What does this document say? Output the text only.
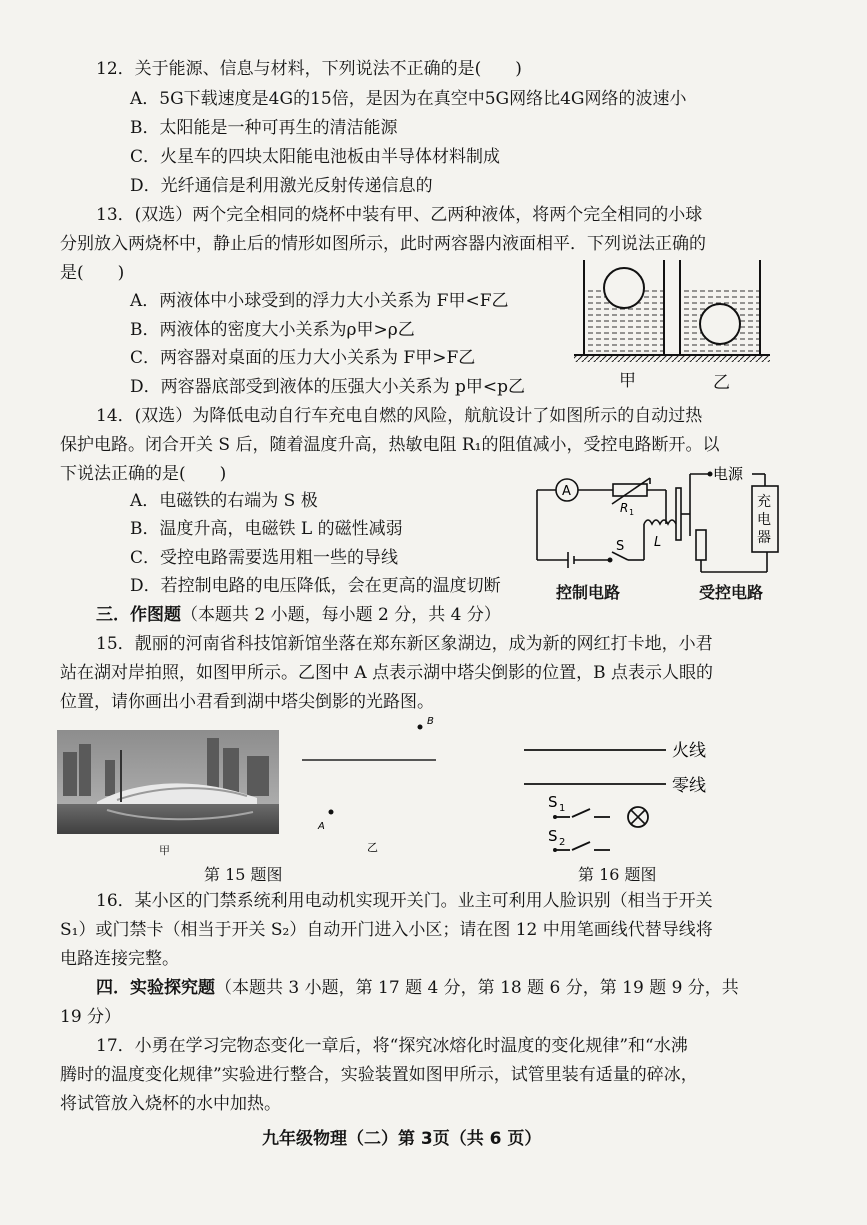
12．关于能源、信息与材料，下列说法不正确的是(　　)
A．5G下载速度是4G的15倍，是因为在真空中5G网络比4G网络的波速小
B．太阳能是一种可再生的清洁能源
C．火星车的四块太阳能电池板由半导体材料制成
D．光纤通信是利用激光反射传递信息的
13．(双选）两个完全相同的烧杯中装有甲、乙两种液体，将两个完全相同的小球
分别放入两烧杯中，静止后的情形如图所示，此时两容器内液面相平．下列说法正确的
是(　　)
A．两液体中小球受到的浮力大小关系为 F甲<F乙
B．两液体的密度大小关系为ρ甲>ρ乙
C．两容器对桌面的压力大小关系为 F甲>F乙
D．两容器底部受到液体的压强大小关系为 p甲<p乙	甲	乙
14．(双选）为降低电动自行车充电自燃的风险，航航设计了如图所示的自动过热
保护电路。闭合开关 S 后，随着温度升高，热敏电阻 R₁的阻值减小，受控电路断开。以
下说法正确的是(　　)
A．电磁铁的右端为 S 极
B．温度升高，电磁铁 L 的磁性减弱
C．受控电路需要选用粗一些的导线
D．若控制电路的电压降低，会在更高的温度切断
A
R 1
L
S
电源
充
电
器
控制电路	受控电路
三．作图题（本题共 2 小题，每小题 2 分，共 4 分）
15．靓丽的河南省科技馆新馆坐落在郑东新区象湖边，成为新的网红打卡地，小君
站在湖对岸拍照，如图甲所示。乙图中 A 点表示湖中塔尖倒影的位置，B 点表示人眼的
位置，请你画出小君看到湖中塔尖倒影的光路图。
甲
B
A
乙
第 15 题图
S 1
S 2
火线
零线
第 16 题图
16．某小区的门禁系统利用电动机实现开关门。业主可利用人脸识别（相当于开关
S₁）或门禁卡（相当于开关 S₂）自动开门进入小区；请在图 12 中用笔画线代替导线将
电路连接完整。
四．实验探究题（本题共 3 小题，第 17 题 4 分，第 18 题 6 分，第 19 题 9 分，共
19 分）
17．小勇在学习完物态变化一章后，将“探究冰熔化时温度的变化规律”和“水沸
腾时的温度变化规律”实验进行整合，实验装置如图甲所示，试管里装有适量的碎冰，
将试管放入烧杯的水中加热。
九年级物理（二）第 3页（共 6 页）
